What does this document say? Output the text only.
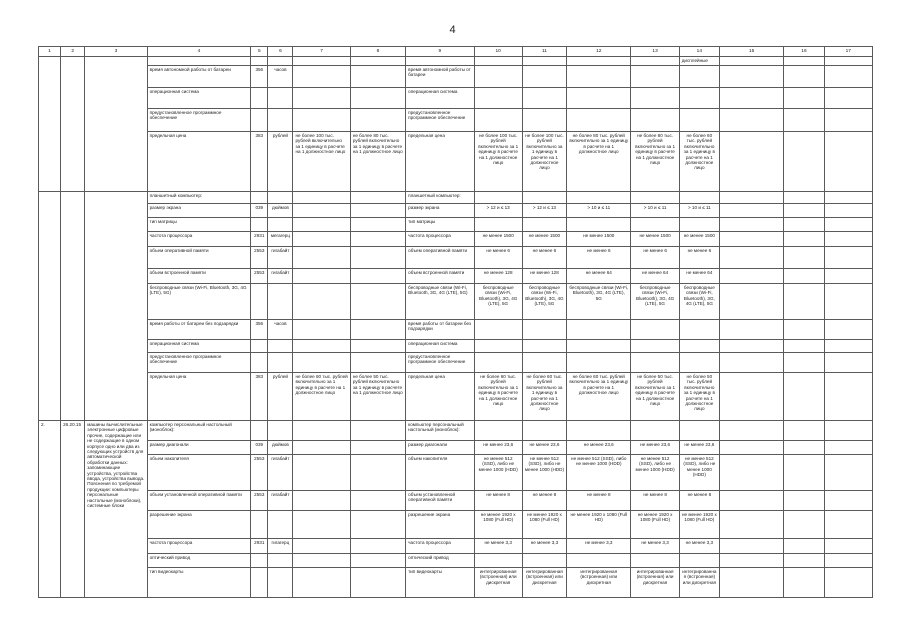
4
1	2	3	4	5	6	7	8	9	10	11	12	13	14	15	16	17
													дисплейные			
			время автономной работы от батареи	356	часов			время автономной работы от батареи								
			операционная система					операционная система								
			предустановленное программное обеспечение					предустановленное программное обеспечение								
			предельная цена	383	рублей	не более 100 тыс. рублей включительно за 1 единицу в расчете на 1 должностное лицо	не более 80 тыс. рублей включительно за 1 единицу в расчете на 1 должностное лицо	предельная цена	не более 100 тыс. рублей включительно за 1 единицу в расчете на 1 должностное лицо	не более 100 тыс. рублей включительно за 1 единицу в расчете на 1 должностное лицо	не более 80 тыс. рублей включительно за 1 единицу в расчете на 1 должностное лицо	не более 80 тыс. рублей включительно за 1 единицу в расчете на 1 должностное лицо	не более 60 тыс. рублей включительно за 1 единицу в расчете на 1 должностное лицо			
			планшетный компьютер:					планшетный компьютер:								
			размер экрана	039	дюймов			размер экрана	> 12 и ≤ 13	> 12 и ≤ 13	> 10 и ≤ 11	> 10 и ≤ 11	> 10 и ≤ 11			
			тип матрицы					тип матрицы								
			частота процессора	2931	мегагерц			частота процессора	не менее 1500	не менее 1500	не менее 1500	не менее 1500	не менее 1500			
			объем оперативной памяти	2553	гигабайт			объем оперативной памяти	не менее 6	не менее 6	не менее 6	не менее 6	не менее 6			
			объем встроенной памяти	2553	гигабайт			объем встроенной памяти	не менее 128	не менее 128	не менее 64	не менее 64	не менее 64			
			беспроводные связи (Wi-Fi, Bluetooth, 3G, 4G (LTE), 5G)					беспроводные связи (Wi-Fi, Bluetooth, 3G, 4G (LTE), 5G)	беспроводные связи (Wi-Fi, Bluetooth), 3G, 4G (LTE), 5G	беспроводные связи (Wi-Fi, Bluetooth), 3G, 4G (LTE), 5G	беспроводные связи (Wi-Fi, Bluetooth), 3G, 4G (LTE), 5G	беспроводные связи (Wi-Fi, Bluetooth), 3G, 4G (LTE), 5G	беспроводные связи (Wi-Fi, Bluetooth), 3G, 4G (LTE), 5G			
			время работы от батареи без подзарядки	356	часов			время работы от батареи без подзарядки								
			операционная система					операционная система								
			предустановленное программное обеспечение					предустановленное программное обеспечение								
			предельная цена	383	рублей	не более 60 тыс. рублей включительно за 1 единицу в расчете на 1 должностное лицо	не более 50 тыс. рублей включительно за 1 единицу в расчете на 1 должностное лицо	предельная цена	не более 60 тыс. рублей включительно за 1 единицу в расчете на 1 должностное лицо	не более 60 тыс. рублей включительно за 1 единицу в расчете на 1 должностное лицо	не более 60 тыс. рублей включительно за 1 единицу в расчете на 1 должностное лицо	не более 50 тыс. рублей включительно за 1 единицу в расчете на 1 должностное лицо	не более 50 тыс. рублей включительно за 1 единицу в расчете на 1 должностное лицо			
2.	26.20.15	машины вычислительные электронные цифровые прочие, содержащие или не содержащие в одном корпусе одно или два из следующих устройств для автоматической обработки данных: запоминающие устройства, устройства ввода, устройства вывода. Пояснения по требуемой продукции: компьютеры персональные настольные (моноблоки), системные блоки	компьютер персональный настольный (моноблок):					компьютер персональный настольный (моноблок):								
			размер диагонали	039	дюймов			размер диагонали	не менее 23,6	не менее 23,6	не менее 23,6	не менее 23,6	не менее 23,6			
			объем накопителя	2553	гигабайт			объем накопителя	не менее 512 (SSD), либо не менее 1000 (HDD)	не менее 512 (SSD), либо не менее 1000 (HDD)	не менее 512 (SSD), либо не менее 1000 (HDD)	не менее 512 (SSD), либо не менее 1000 (HDD)	не менее 512 (SSD), либо не менее 1000 (HDD)			
			объем установленной оперативной памяти	2553	гигабайт			объем установленной оперативной памяти	не менее 8	не менее 8	не менее 8	не менее 8	не менее 8			
			разрешение экрана					разрешение экрана	не менее 1920 x 1080 (Full HD)	не менее 1920 x 1080 (Full HD)	не менее 1920 x 1080 (Full HD)	не менее 1920 x 1080 (Full HD)	не менее 1920 x 1080 (Full HD)			
			частота процессора	2931	гигагерц			частота процессора	не менее 3,3	не менее 3,3	не менее 3,3	не менее 3,3	не менее 3,3			
			оптический привод					оптический привод								
			тип видеокарты					тип видеокарты	интегрированная (встроенная) или дискретная	интегрированная (встроенная) или дискретная	интегрированная (встроенная) или дискретная	интегрированная (встроенная) или дискретная	интегрированная (встроенная) или дискретная			
